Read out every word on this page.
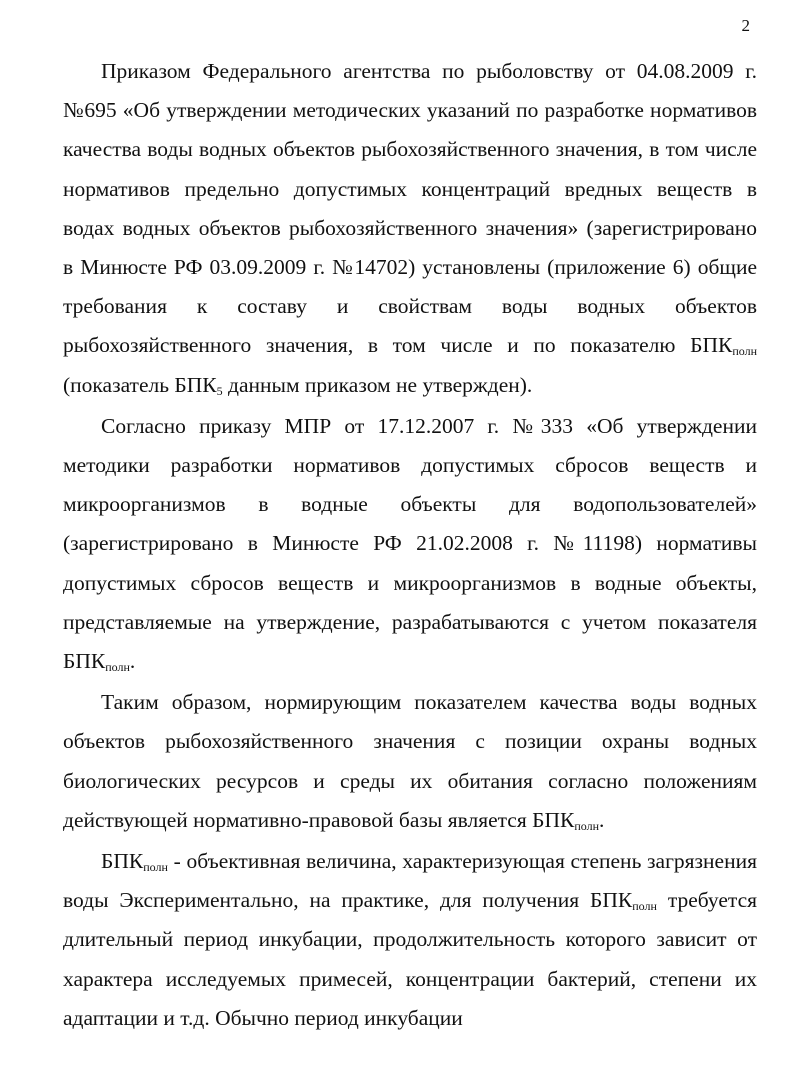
2

Приказом Федерального агентства по рыболовству от 04.08.2009 г. №695 «Об утверждении методических указаний по разработке нормативов качества воды водных объектов рыбохозяйственного значения, в том числе нормативов предельно допустимых концентраций вредных веществ в водах водных объектов рыбохозяйственного значения» (зарегистрировано в Минюсте РФ 03.09.2009 г. №14702) установлены (приложение 6) общие требования к составу и свойствам воды водных объектов рыбохозяйственного значения, в том числе и по показателю $БПК_{полн}$ (показатель $БПК_5$ данным приказом не утвержден).

Согласно приказу МПР от 17.12.2007 г. №333 «Об утверждении методики разработки нормативов допустимых сбросов веществ и микроорганизмов в водные объекты для водопользователей» (зарегистрировано в Минюсте РФ 21.02.2008 г. №11198) нормативы допустимых сбросов веществ и микроорганизмов в водные объекты, представляемые на утверждение, разрабатываются с учетом показателя $БПК_{полн}$.

Таким образом, нормирующим показателем качества воды водных объектов рыбохозяйственного значения с позиции охраны водных биологических ресурсов и среды их обитания согласно положениям действующей нормативно-правовой базы является $БПК_{полн}$.

$БПК_{полн}$ - объективная величина, характеризующая степень загрязнения воды Экспериментально, на практике, для получения $БПК_{полн}$ требуется длительный период инкубации, продолжительность которого зависит от характера исследуемых примесей, концентрации бактерий, степени их адаптации и т.д. Обычно период инкубации
